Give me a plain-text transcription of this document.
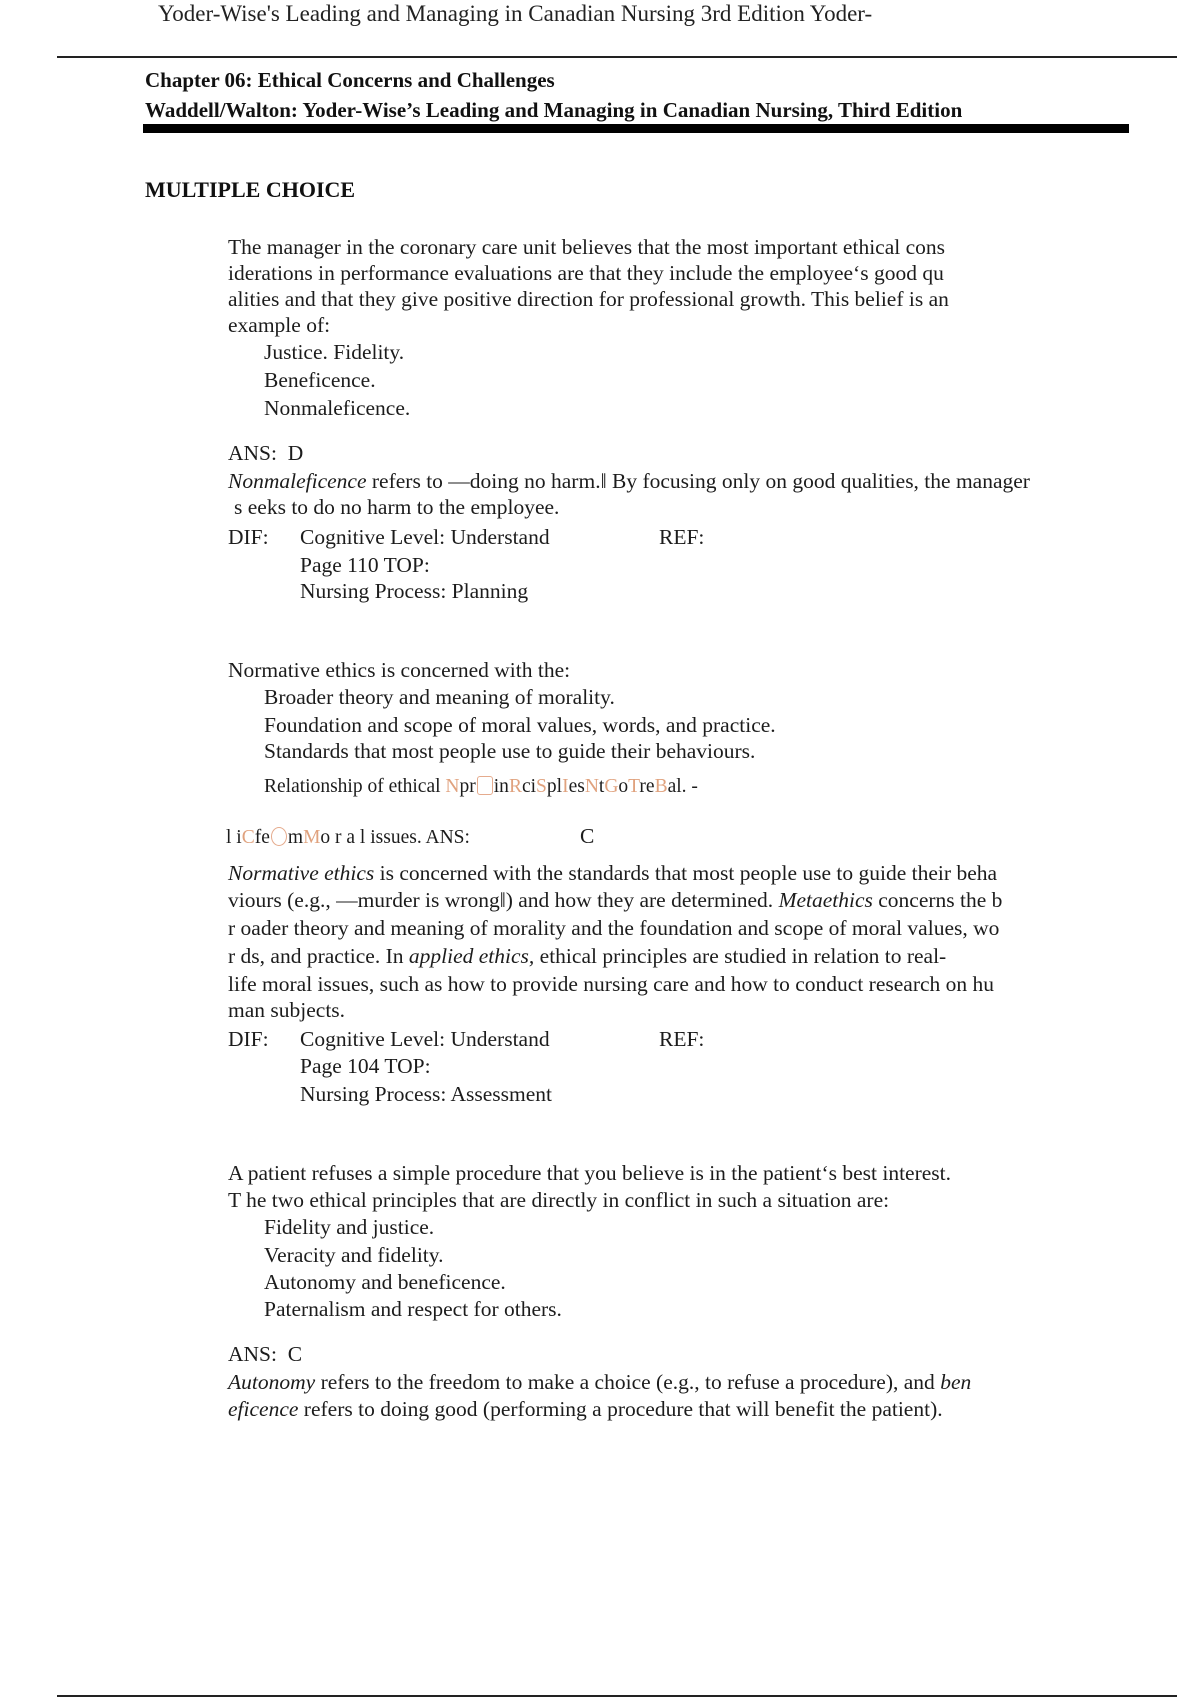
Yoder-Wise's Leading and Managing in Canadian Nursing 3rd Edition Yoder-
Chapter 06: Ethical Concerns and Challenges
Waddell/Walton: Yoder-Wise’s Leading and Managing in Canadian Nursing, Third Edition
MULTIPLE CHOICE
The manager in the coronary care unit believes that the most important ethical cons
iderations in performance evaluations are that they include the employee‘s good qu
alities and that they give positive direction for professional growth. This belief is an
example of:
Justice. Fidelity.
Beneficence.
Nonmaleficence.
ANS: D
Nonmaleficence refers to ―doing no harm.‖ By focusing only on good qualities, the manager
s eeks to do no harm to the employee.
DIF: Cognitive Level: Understand	REF:
Page 110 TOP:
Nursing Process: Planning
Normative ethics is concerned with the:
Broader theory and meaning of morality.
Foundation and scope of moral values, words, and practice.
Standards that most people use to guide their behaviours.
Relationship of ethical Npr inRciSplIesNtGoTreBal. -
l iCfe mMo r a l issues. ANS:	C
Normative ethics is concerned with the standards that most people use to guide their beha
viours (e.g., ―murder is wrong‖) and how they are determined. Metaethics concerns the b
r oader theory and meaning of morality and the foundation and scope of moral values, wo
r ds, and practice. In applied ethics, ethical principles are studied in relation to real-
life moral issues, such as how to provide nursing care and how to conduct research on hu
man subjects.
DIF: Cognitive Level: Understand	REF:
Page 104 TOP:
Nursing Process: Assessment
A patient refuses a simple procedure that you believe is in the patient‘s best interest.
T he two ethical principles that are directly in conflict in such a situation are:
Fidelity and justice.
Veracity and fidelity.
Autonomy and beneficence.
Paternalism and respect for others.
ANS: C
Autonomy refers to the freedom to make a choice (e.g., to refuse a procedure), and ben
eficence refers to doing good (performing a procedure that will benefit the patient).
